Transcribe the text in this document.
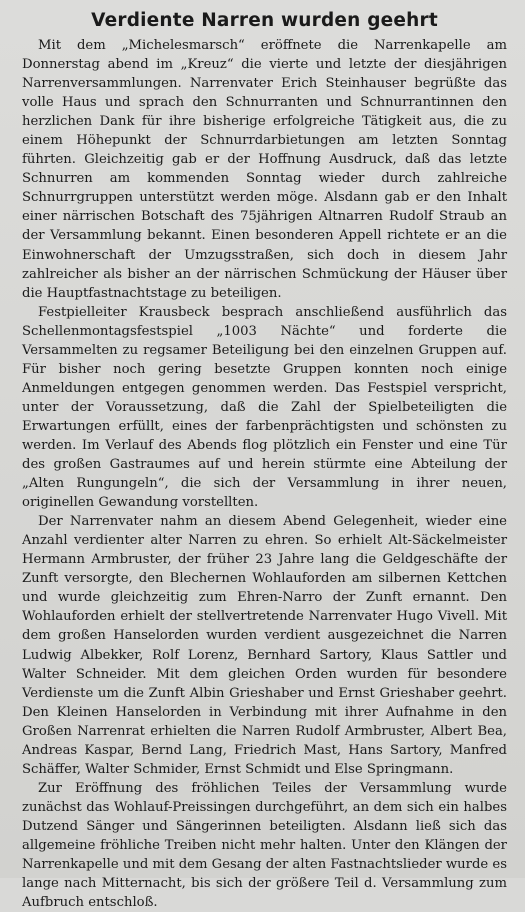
Verdiente Narren wurden geehrt

Mit dem „Michelesmarsch“ eröffnete die Narrenkapelle am Donnerstag abend im „Kreuz“ die vierte und letzte der diesjährigen Narrenversammlungen. Narrenvater Erich Steinhauser begrüßte das volle Haus und sprach den Schnurranten und Schnurrantinnen den herzlichen Dank für ihre bisherige erfolgreiche Tätigkeit aus, die zu einem Höhepunkt der Schnurrdarbietungen am letzten Sonntag führten. Gleichzeitig gab er der Hoffnung Ausdruck, daß das letzte Schnurren am kommenden Sonntag wieder durch zahlreiche Schnurrgruppen unterstützt werden möge. Alsdann gab er den Inhalt einer närrischen Botschaft des 75jährigen Altnarren Rudolf Straub an der Versammlung bekannt. Einen besonderen Appell richtete er an die Einwohnerschaft der Umzugsstraßen, sich doch in diesem Jahr zahlreicher als bisher an der närrischen Schmückung der Häuser über die Hauptfastnachtstage zu beteiligen.

Festpielleiter Krausbeck besprach anschließend ausführlich das Schellenmontagsfestspiel „1003 Nächte“ und forderte die Versammelten zu regsamer Beteiligung bei den einzelnen Gruppen auf. Für bisher noch gering besetzte Gruppen konnten noch einige Anmeldungen entgegen genommen werden. Das Festspiel verspricht, unter der Voraussetzung, daß die Zahl der Spielbeteiligten die Erwartungen erfüllt, eines der farbenprächtigsten und schönsten zu werden. Im Verlauf des Abends flog plötzlich ein Fenster und eine Tür des großen Gastraumes auf und herein stürmte eine Abteilung der „Alten Rungungeln“, die sich der Versammlung in ihrer neuen, originellen Gewandung vorstellten.

Der Narrenvater nahm an diesem Abend Gelegenheit, wieder eine Anzahl verdienter alter Narren zu ehren. So erhielt Alt-Säckelmeister Hermann Armbruster, der früher 23 Jahre lang die Geldgeschäfte der Zunft versorgte, den Blechernen Wohlauforden am silbernen Kettchen und wurde gleichzeitig zum Ehren-Narro der Zunft ernannt. Den Wohlauforden erhielt der stellvertretende Narrenvater Hugo Vivell. Mit dem großen Hanselorden wurden verdient ausgezeichnet die Narren Ludwig Albekker, Rolf Lorenz, Bernhard Sartory, Klaus Sattler und Walter Schneider. Mit dem gleichen Orden wurden für besondere Verdienste um die Zunft Albin Grieshaber und Ernst Grieshaber geehrt. Den Kleinen Hanselorden in Verbindung mit ihrer Aufnahme in den Großen Narrenrat erhielten die Narren Rudolf Armbruster, Albert Bea, Andreas Kaspar, Bernd Lang, Friedrich Mast, Hans Sartory, Manfred Schäffer, Walter Schmider, Ernst Schmidt und Else Springmann.

Zur Eröffnung des fröhlichen Teiles der Versammlung wurde zunächst das Wohlauf-Preissingen durchgeführt, an dem sich ein halbes Dutzend Sänger und Sängerinnen beteiligten. Alsdann ließ sich das allgemeine fröhliche Treiben nicht mehr halten. Unter den Klängen der Narrenkapelle und mit dem Gesang der alten Fastnachtslieder wurde es lange nach Mitternacht, bis sich der größere Teil d. Versammlung zum Aufbruch entschloß.
